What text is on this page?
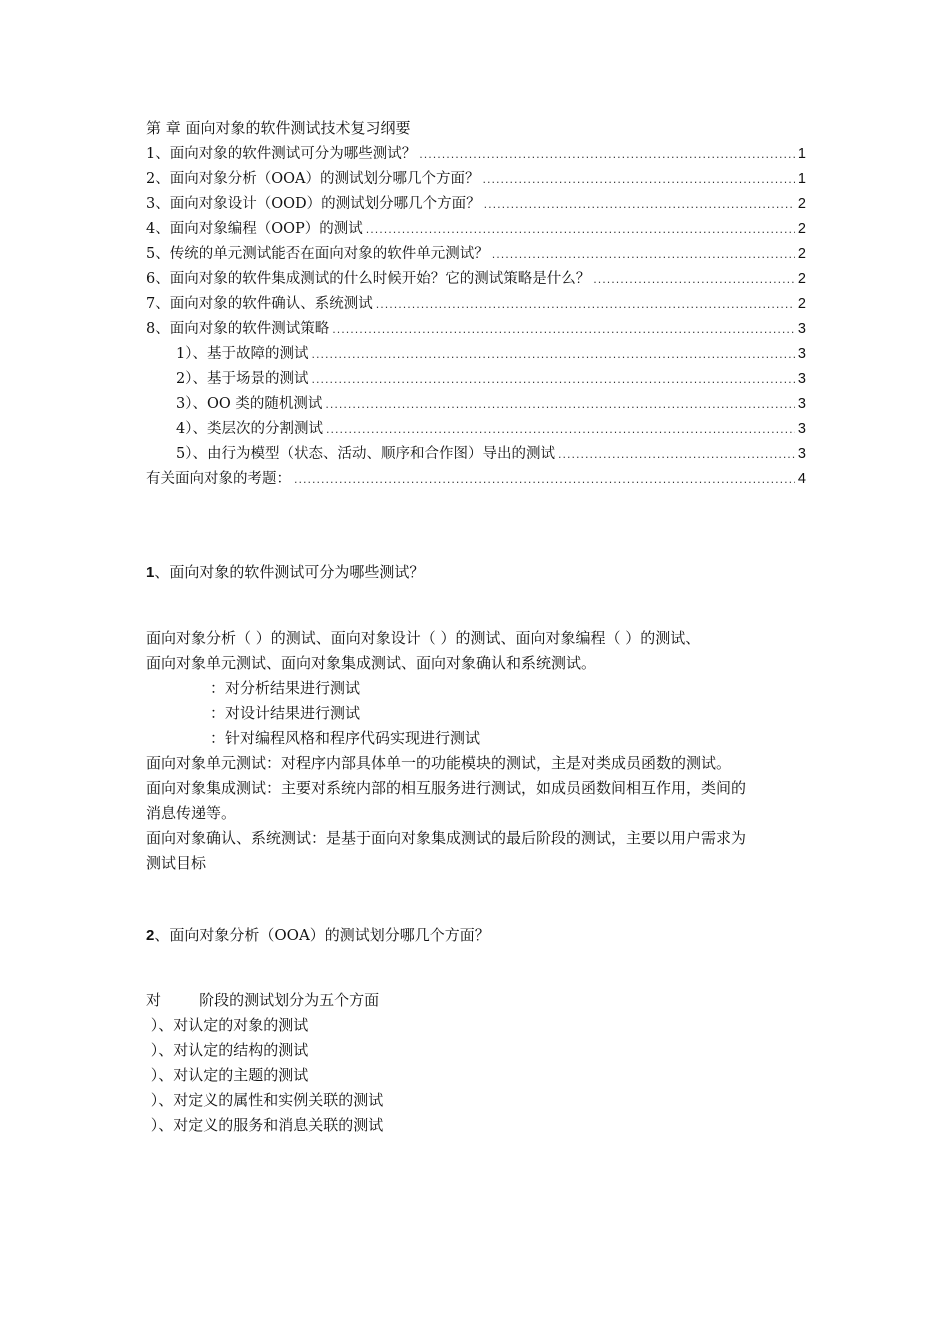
第 章 面向对象的软件测试技术复习纲要
1、面向对象的软件测试可分为哪些测试？ .....	1
2、面向对象分析（OOA）的测试划分哪几个方面？ .....	1
3、面向对象设计（OOD）的测试划分哪几个方面？ .....	2
4、面向对象编程（OOP）的测试 .....	2
5、传统的单元测试能否在面向对象的软件单元测试？ .....	2
6、面向对象的软件集成测试的什么时候开始？它的测试策略是什么？ .....	2
7、面向对象的软件确认、系统测试 .....	2
8、面向对象的软件测试策略 .....	3
1）、基于故障的测试 .....	3
2）、基于场景的测试 .....	3
3）、OO 类的随机测试 .....	3
4）、类层次的分割测试 .....	3
5）、由行为模型（状态、活动、顺序和合作图）导出的测试 .....	3
有关面向对象的考题： .....	4
1、面向对象的软件测试可分为哪些测试？

面向对象分析（ ）的测试、面向对象设计（ ）的测试、面向对象编程（ ）的测试、

面向对象单元测试、面向对象集成测试、面向对象确认和系统测试。

：对分析结果进行测试

：对设计结果进行测试

：针对编程风格和程序代码实现进行测试

面向对象单元测试：对程序内部具体单一的功能模块的测试，主是对类成员函数的测试。

面向对象集成测试：主要对系统内部的相互服务进行测试，如成员函数间相互作用，类间的

消息传递等。

面向对象确认、系统测试：是基于面向对象集成测试的最后阶段的测试，主要以用户需求为

测试目标

2、面向对象分析（OOA）的测试划分哪几个方面？

对        阶段的测试划分为五个方面

）、对认定的对象的测试

）、对认定的结构的测试

）、对认定的主题的测试

）、对定义的属性和实例关联的测试

）、对定义的服务和消息关联的测试
